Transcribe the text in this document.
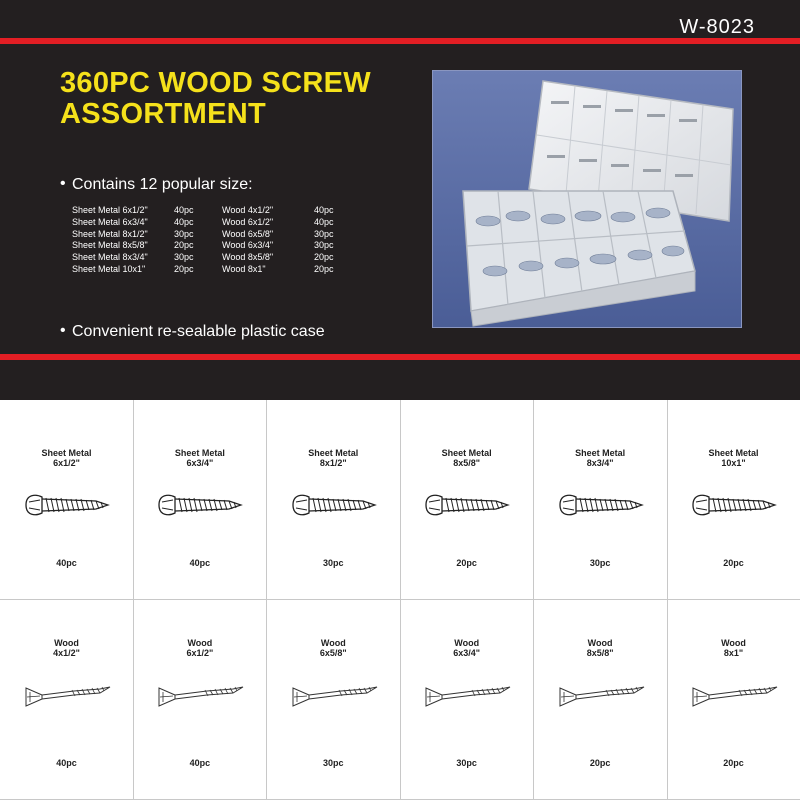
W-8023
360PC WOOD SCREW
ASSORTMENT
• Contains 12 popular size:
Sheet Metal 6x1/2"	40pc
Sheet Metal 6x3/4"	40pc
Sheet Metal 8x1/2"	30pc
Sheet Metal 8x5/8"	20pc
Sheet Metal 8x3/4"	30pc
Sheet Metal 10x1"	20pc
Wood 4x1/2"	40pc
Wood 6x1/2"	40pc
Wood 6x5/8"	30pc
Wood 6x3/4"	30pc
Wood 8x5/8"	20pc
Wood 8x1"	20pc
• Convenient re-sealable plastic case
Sheet Metal
6x1/2"
40pc
Sheet Metal
6x3/4"
40pc
Sheet Metal
8x1/2"
30pc
Sheet Metal
8x5/8"
20pc
Sheet Metal
8x3/4"
30pc
Sheet Metal
10x1"
20pc
Wood
4x1/2"
40pc
Wood
6x1/2"
40pc
Wood
6x5/8"
30pc
Wood
6x3/4"
30pc
Wood
8x5/8"
20pc
Wood
8x1"
20pc
